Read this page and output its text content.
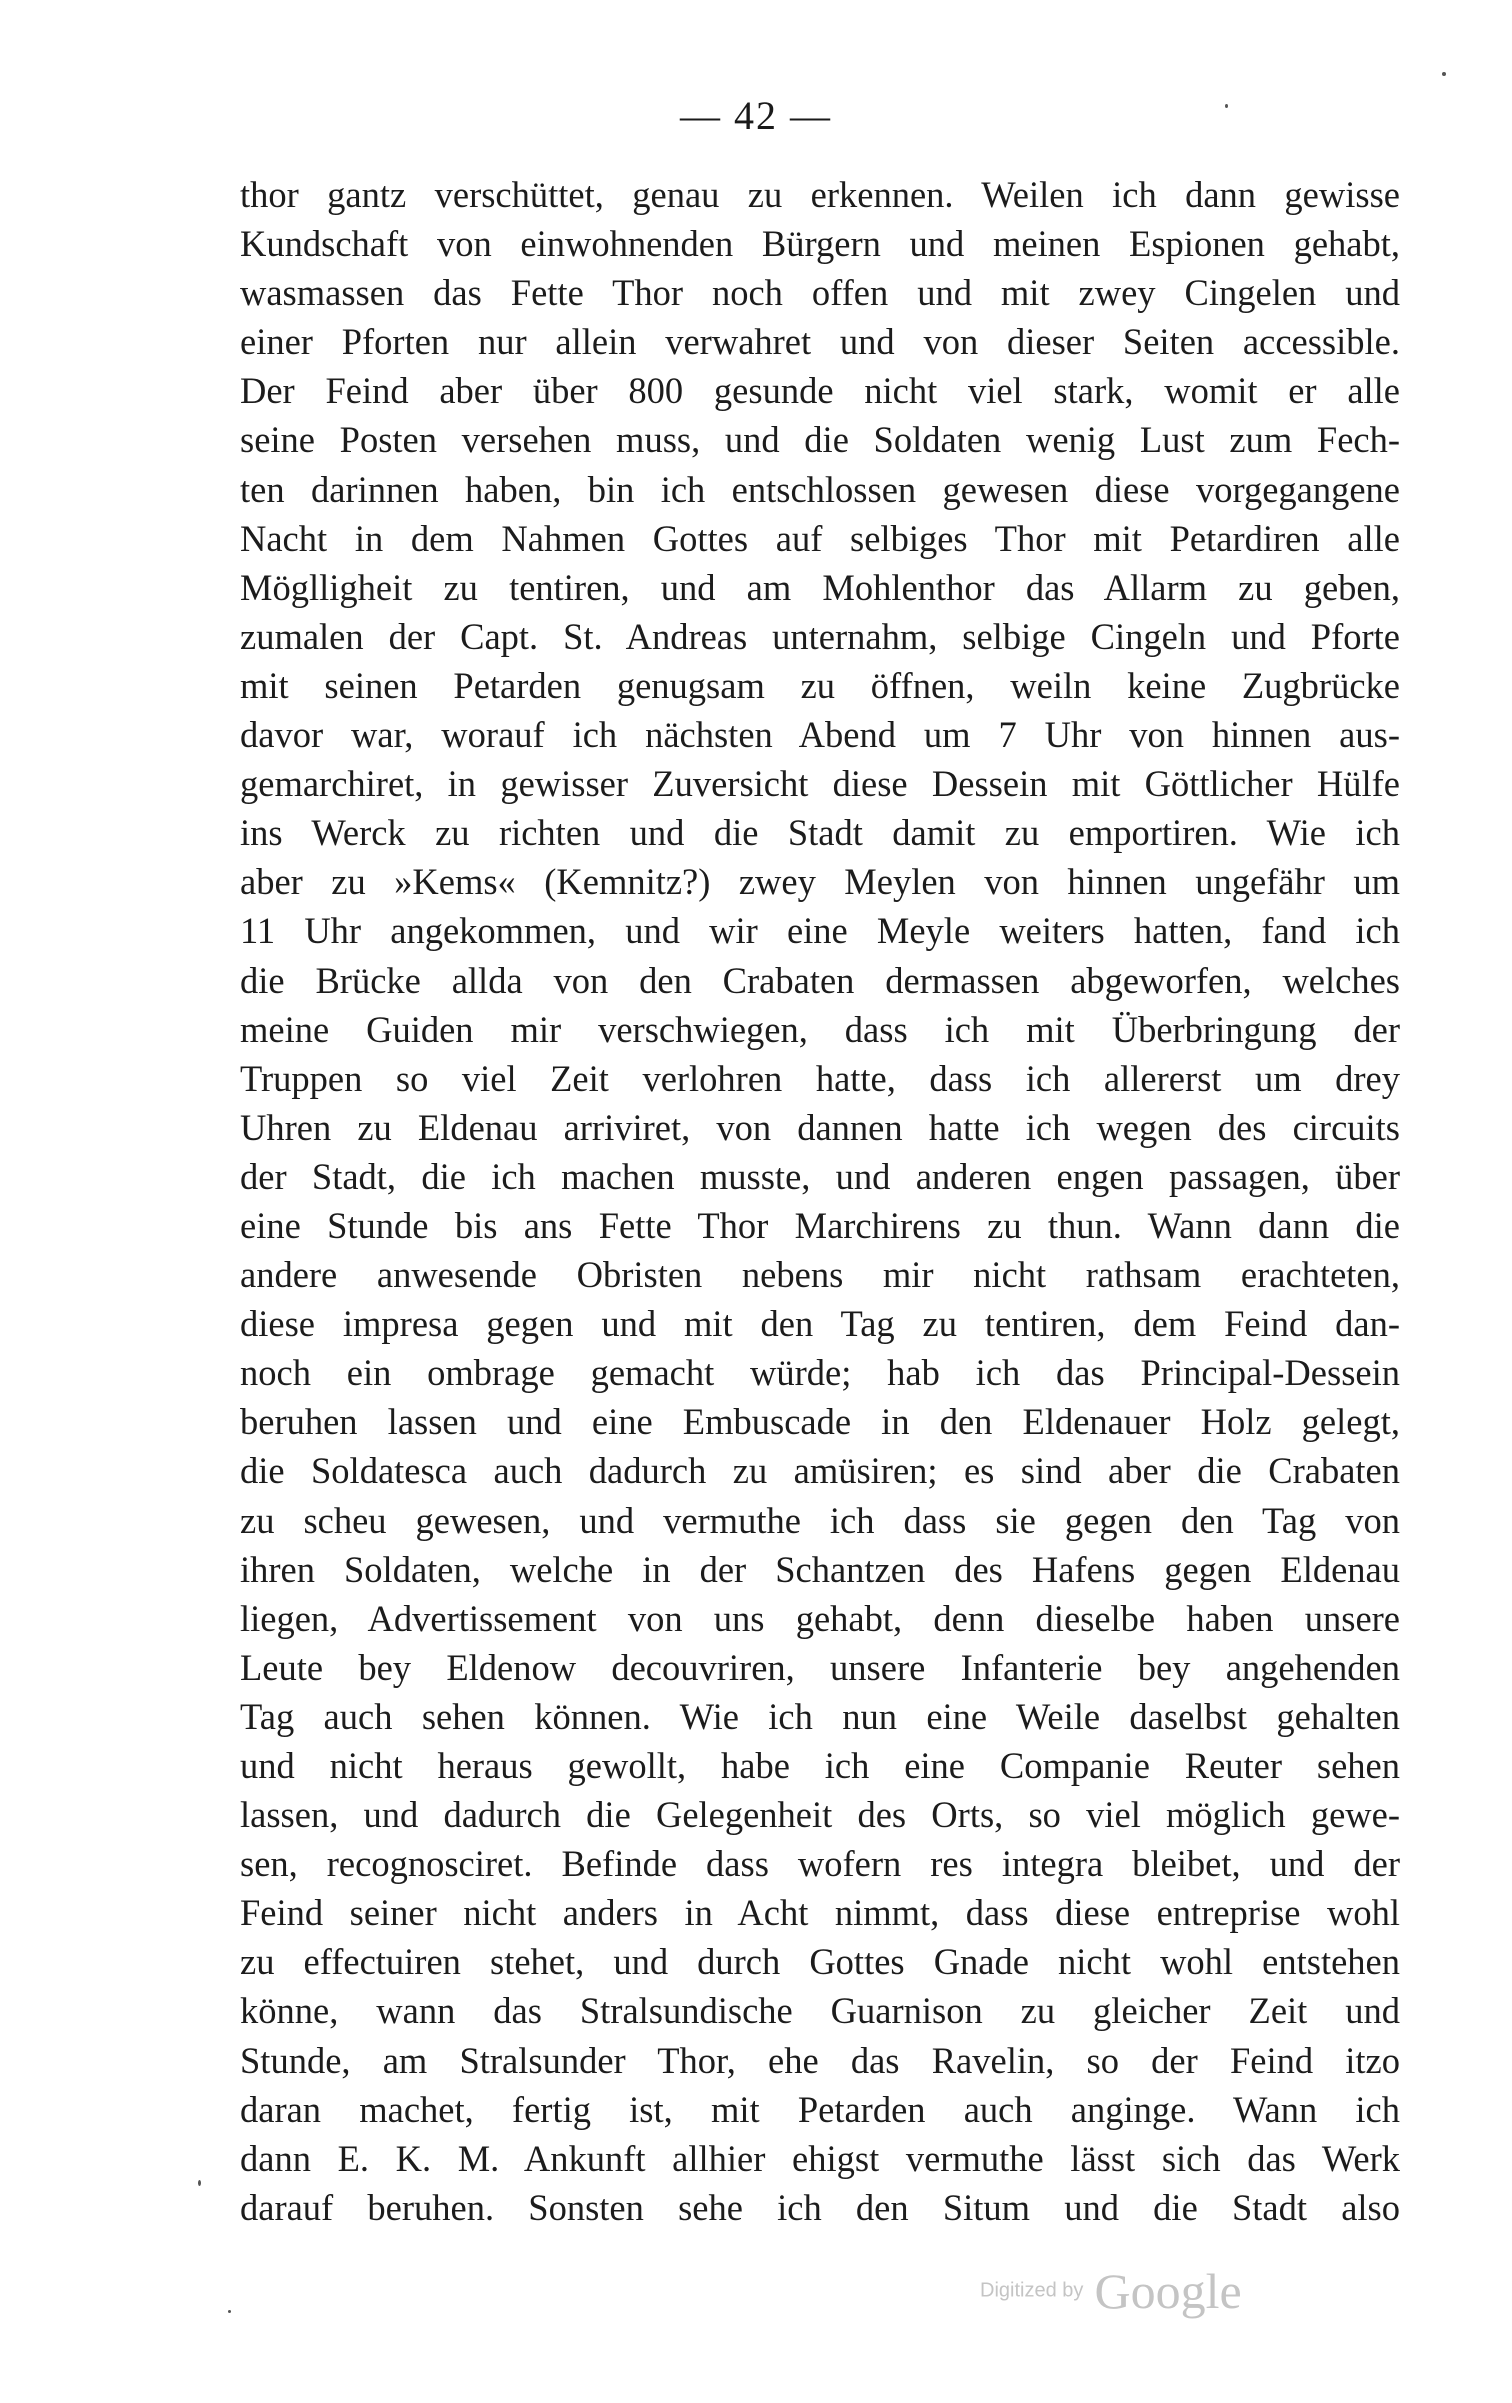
— 42 —
thor gantz verschüttet, genau zu erkennen. Weilen ich dann gewisse
Kundschaft von einwohnenden Bürgern und meinen Espionen gehabt,
wasmassen das Fette Thor noch offen und mit zwey Cingelen und
einer Pforten nur allein verwahret und von dieser Seiten accessible.
Der Feind aber über 800 gesunde nicht viel stark, womit er alle
seine Posten versehen muss, und die Soldaten wenig Lust zum Fech-
ten darinnen haben, bin ich entschlossen gewesen diese vorgegangene
Nacht in dem Nahmen Gottes auf selbiges Thor mit Petardiren alle
Möglligheit zu tentiren, und am Mohlenthor das Allarm zu geben,
zumalen der Capt. St. Andreas unternahm, selbige Cingeln und Pforte
mit seinen Petarden genugsam zu öffnen, weiln keine Zugbrücke
davor war, worauf ich nächsten Abend um 7 Uhr von hinnen aus-
gemarchiret, in gewisser Zuversicht diese Dessein mit Göttlicher Hülfe
ins Werck zu richten und die Stadt damit zu emportiren. Wie ich
aber zu »Kems« (Kemnitz?) zwey Meylen von hinnen ungefähr um
11 Uhr angekommen, und wir eine Meyle weiters hatten, fand ich
die Brücke allda von den Crabaten dermassen abgeworfen, welches
meine Guiden mir verschwiegen, dass ich mit Überbringung der
Truppen so viel Zeit verlohren hatte, dass ich allererst um drey
Uhren zu Eldenau arriviret, von dannen hatte ich wegen des circuits
der Stadt, die ich machen musste, und anderen engen passagen, über
eine Stunde bis ans Fette Thor Marchirens zu thun. Wann dann die
andere anwesende Obristen nebens mir nicht rathsam erachteten,
diese impresa gegen und mit den Tag zu tentiren, dem Feind dan-
noch ein ombrage gemacht würde; hab ich das Principal-Dessein
beruhen lassen und eine Embuscade in den Eldenauer Holz gelegt,
die Soldatesca auch dadurch zu amüsiren; es sind aber die Crabaten
zu scheu gewesen, und vermuthe ich dass sie gegen den Tag von
ihren Soldaten, welche in der Schantzen des Hafens gegen Eldenau
liegen, Advertissement von uns gehabt, denn dieselbe haben unsere
Leute bey Eldenow decouvriren, unsere Infanterie bey angehenden
Tag auch sehen können. Wie ich nun eine Weile daselbst gehalten
und nicht heraus gewollt, habe ich eine Companie Reuter sehen
lassen, und dadurch die Gelegenheit des Orts, so viel möglich gewe-
sen, recognosciret. Befinde dass wofern res integra bleibet, und der
Feind seiner nicht anders in Acht nimmt, dass diese entreprise wohl
zu effectuiren stehet, und durch Gottes Gnade nicht wohl entstehen
könne, wann das Stralsundische Guarnison zu gleicher Zeit und
Stunde, am Stralsunder Thor, ehe das Ravelin, so der Feind itzo
daran machet, fertig ist, mit Petarden auch anginge. Wann ich
dann E. K. M. Ankunft allhier ehigst vermuthe lässt sich das Werk
darauf beruhen. Sonsten sehe ich den Situm und die Stadt also
Digitized by Google
